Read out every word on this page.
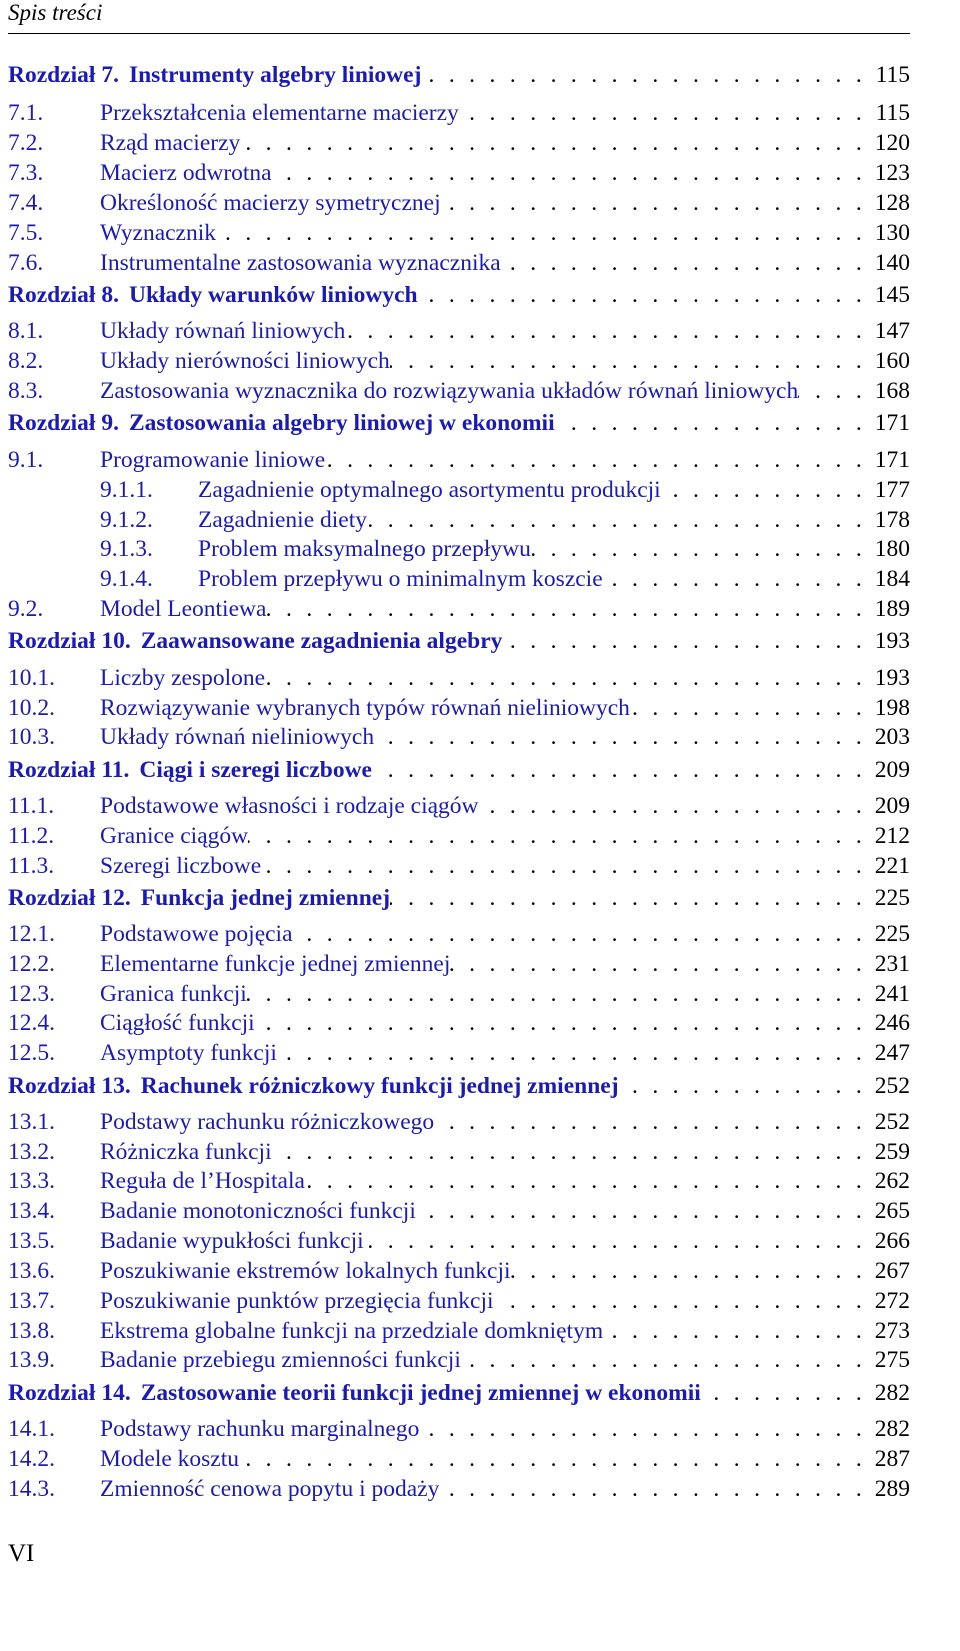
Spis treści
Rozdział 7. Instrumenty algebry liniowej . . .	115
7.1.	Przekształcenia elementarne macierzy . . .	115
7.2.	Rząd macierzy . . .	120
7.3.	Macierz odwrotna . . .	123
7.4.	Określoność macierzy symetrycznej . . .	128
7.5.	Wyznacznik . . .	130
7.6.	Instrumentalne zastosowania wyznacznika . . .	140
Rozdział 8. Układy warunków liniowych . . .	145
8.1.	Układy równań liniowych . . .	147
8.2.	Układy nierówności liniowych . . .	160
8.3.	Zastosowania wyznacznika do rozwiązywania układów równań liniowych . . .	168
Rozdział 9. Zastosowania algebry liniowej w ekonomii . . .	171
9.1.	Programowanie liniowe . . .	171
9.1.1.	Zagadnienie optymalnego asortymentu produkcji . . .	177
9.1.2.	Zagadnienie diety . . .	178
9.1.3.	Problem maksymalnego przepływu . . .	180
9.1.4.	Problem przepływu o minimalnym koszcie . . .	184
9.2.	Model Leontiewa . . .	189
Rozdział 10. Zaawansowane zagadnienia algebry . . .	193
10.1.	Liczby zespolone . . .	193
10.2.	Rozwiązywanie wybranych typów równań nieliniowych . . .	198
10.3.	Układy równań nieliniowych . . .	203
Rozdział 11. Ciągi i szeregi liczbowe . . .	209
11.1.	Podstawowe własności i rodzaje ciągów . . .	209
11.2.	Granice ciągów . . .	212
11.3.	Szeregi liczbowe . . .	221
Rozdział 12. Funkcja jednej zmiennej . . .	225
12.1.	Podstawowe pojęcia . . .	225
12.2.	Elementarne funkcje jednej zmiennej . . .	231
12.3.	Granica funkcji . . .	241
12.4.	Ciągłość funkcji . . .	246
12.5.	Asymptoty funkcji . . .	247
Rozdział 13. Rachunek różniczkowy funkcji jednej zmiennej . . .	252
13.1.	Podstawy rachunku różniczkowego . . .	252
13.2.	Różniczka funkcji . . .	259
13.3.	Reguła de l’Hospitala . . .	262
13.4.	Badanie monotoniczności funkcji . . .	265
13.5.	Badanie wypukłości funkcji . . .	266
13.6.	Poszukiwanie ekstremów lokalnych funkcji . . .	267
13.7.	Poszukiwanie punktów przegięcia funkcji . . .	272
13.8.	Ekstrema globalne funkcji na przedziale domkniętym . . .	273
13.9.	Badanie przebiegu zmienności funkcji . . .	275
Rozdział 14. Zastosowanie teorii funkcji jednej zmiennej w ekonomii . . .	282
14.1.	Podstawy rachunku marginalnego . . .	282
14.2.	Modele kosztu . . .	287
14.3.	Zmienność cenowa popytu i podaży . . .	289
VI
